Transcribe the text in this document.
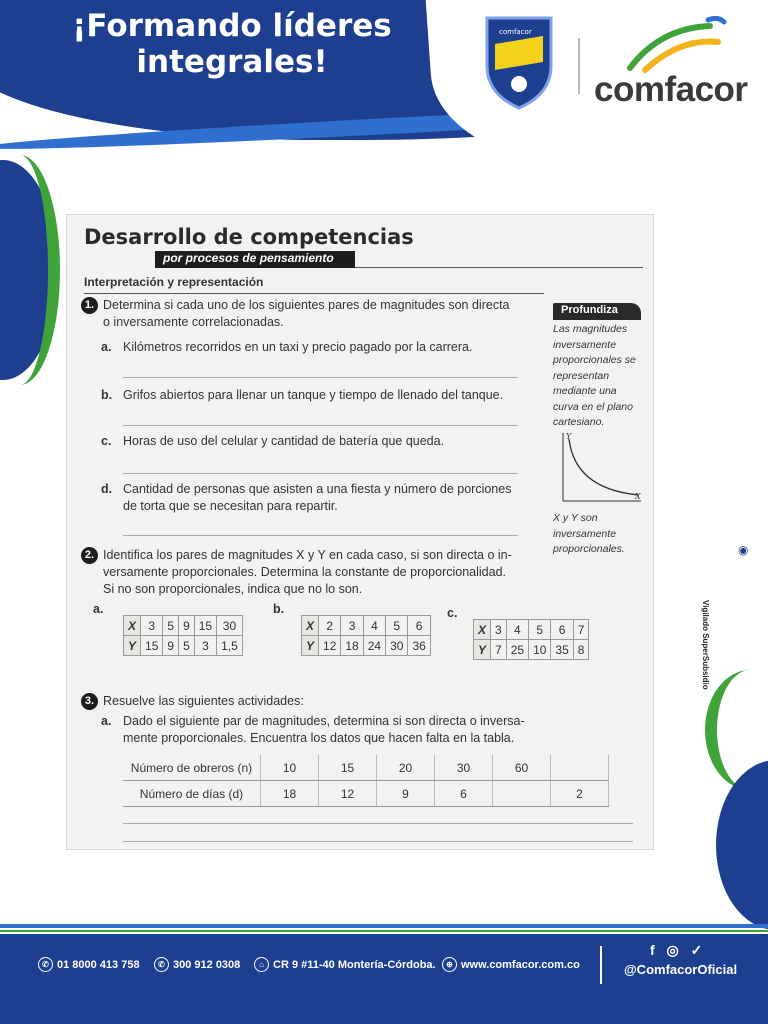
¡Formando líderes
integrales!
comfacor
comfacor
◉
Vigilado SuperSubsidio
Desarrollo de competencias
por procesos de pensamiento
Interpretación y representación
1. Determina si cada uno de los siguientes pares de magnitudes son directa
o inversamente correlacionadas.
a. Kilómetros recorridos en un taxi y precio pagado por la carrera.
b. Grifos abiertos para llenar un tanque y tiempo de llenado del tanque.
c. Horas de uso del celular y cantidad de batería que queda.
d. Cantidad de personas que asisten a una fiesta y número de porciones
de torta que se necesitan para repartir.
Profundiza
Las magnitudes inversamente proporcionales se representan mediante una curva en el plano cartesiano.
Y
X
X y Y son inversamente proporcionales.
2. Identifica los pares de magnitudes X y Y en cada caso, si son directa o in-
versamente proporcionales. Determina la constante de proporcionalidad.
Si no son proporcionales, indica que no lo son.
a.
X	3	5	9	15	30
Y	15	9	5	3	1,5
b.
X	2	3	4	5	6
Y	12	18	24	30	36
c.
X	3	4	5	6	7
Y	7	25	10	35	8
3. Resuelve las siguientes actividades:
a. Dado el siguiente par de magnitudes, determina si son directa o inversa-
mente proporcionales. Encuentra los datos que hacen falta en la tabla.
Número de obreros (n)	10	15	20	30	60	
Número de días (d)	18	12	9	6		2
✆ 01 8000 413 758	✆ 300 912 0308	⌂ CR 9 #11-40 Montería-Córdoba.	⊕ www.comfacor.com.co
f ◎ ✓
@ComfacorOficial
